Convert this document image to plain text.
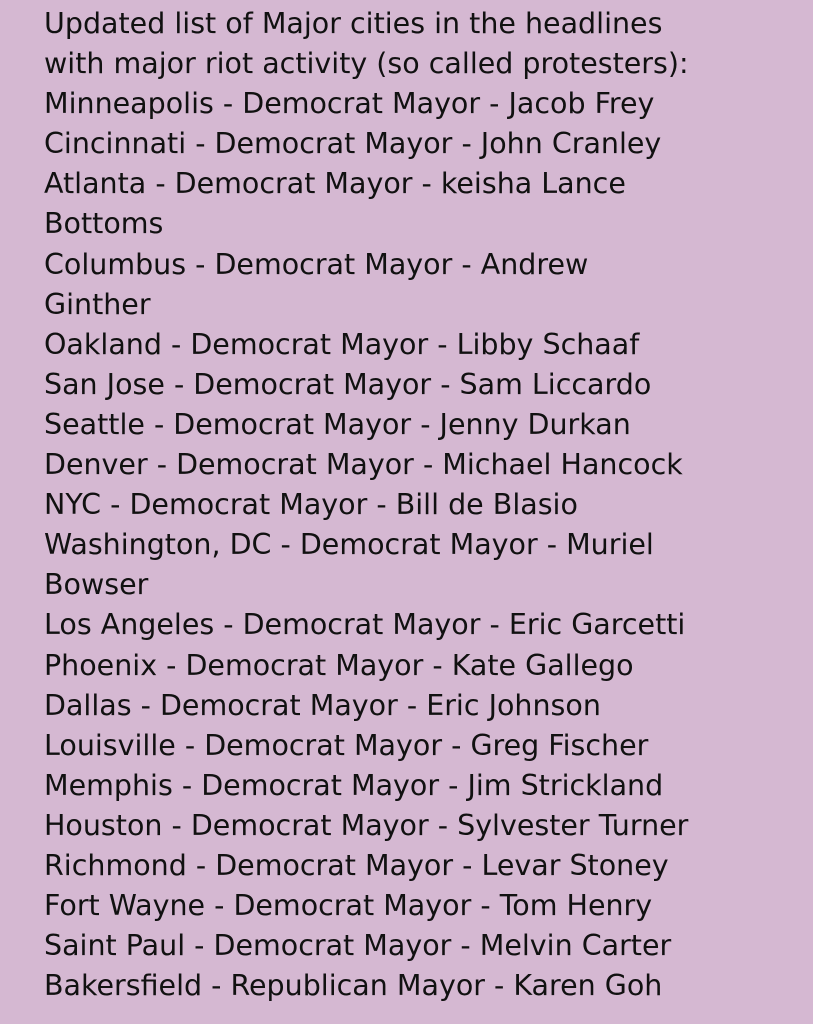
Updated list of Major cities in the headlines
with major riot activity (so called protesters):
Minneapolis - Democrat Mayor - Jacob Frey
Cincinnati - Democrat Mayor - John Cranley
Atlanta - Democrat Mayor - keisha Lance
Bottoms
Columbus - Democrat Mayor - Andrew
Ginther
Oakland - Democrat Mayor - Libby Schaaf
San Jose - Democrat Mayor - Sam Liccardo
Seattle - Democrat Mayor - Jenny Durkan
Denver - Democrat Mayor - Michael Hancock
NYC - Democrat Mayor - Bill de Blasio
Washington, DC - Democrat Mayor - Muriel
Bowser
Los Angeles - Democrat Mayor - Eric Garcetti
Phoenix - Democrat Mayor - Kate Gallego
Dallas - Democrat Mayor - Eric Johnson
Louisville - Democrat Mayor - Greg Fischer
Memphis - Democrat Mayor - Jim Strickland
Houston - Democrat Mayor - Sylvester Turner
Richmond - Democrat Mayor - Levar Stoney
Fort Wayne - Democrat Mayor - Tom Henry
Saint Paul - Democrat Mayor - Melvin Carter
Bakersfield - Republican Mayor - Karen Goh
